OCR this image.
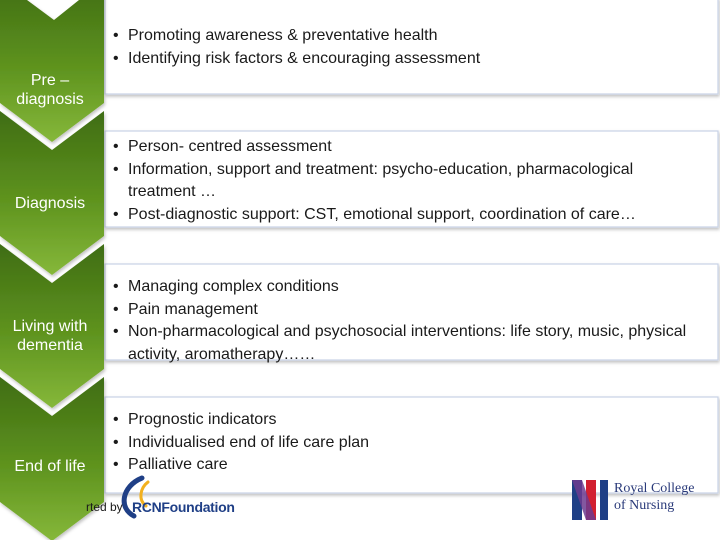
Pre –
diagnosis
Diagnosis
Living with
dementia
End of life
• Promoting awareness & preventative health
• Identifying risk factors & encouraging assessment
• Person- centred assessment
• Information, support and treatment: psycho-education, pharmacological treatment …
• Post-diagnostic support: CST, emotional support, coordination of care…
• Managing complex conditions
• Pain management
• Non-pharmacological and psychosocial interventions: life story, music, physical activity, aromatherapy……
• Prognostic indicators
• Individualised end of life care plan
• Palliative care
rted by RCNFoundation
Royal College
of Nursing
